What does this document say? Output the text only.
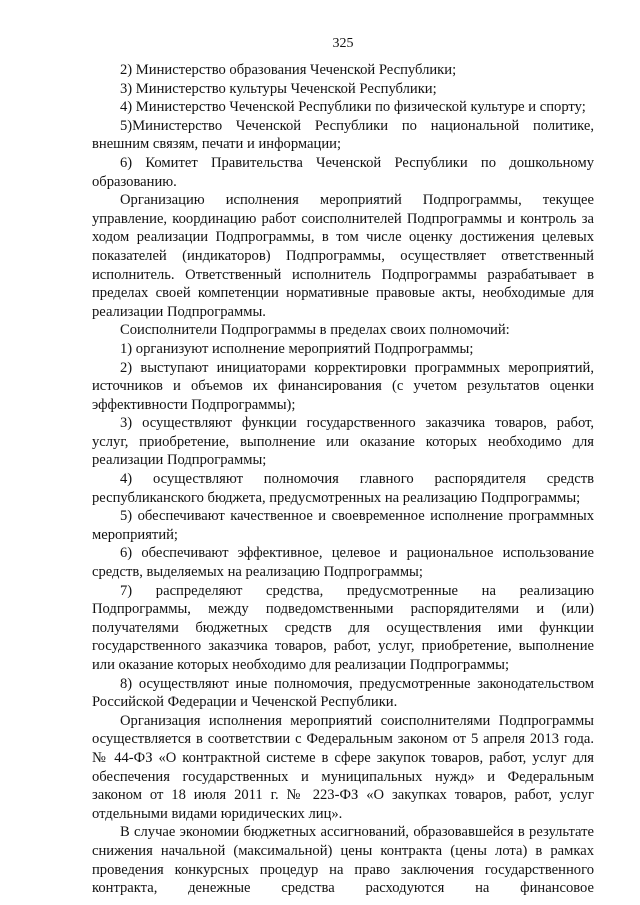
325

2) Министерство образования Чеченской Республики;

3) Министерство культуры Чеченской Республики;

4) Министерство Чеченской Республики по физической культуре и спорту;

5)Министерство Чеченской Республики по национальной политике, внешним связям, печати и информации;

6) Комитет Правительства Чеченской Республики по дошкольному образованию.

Организацию исполнения мероприятий Подпрограммы, текущее управление, координацию работ соисполнителей Подпрограммы и контроль за ходом реализации Подпрограммы, в том числе оценку достижения целевых показателей (индикаторов) Подпрограммы, осуществляет ответственный исполнитель. Ответственный исполнитель Подпрограммы разрабатывает в пределах своей компетенции нормативные правовые акты, необходимые для реализации Подпрограммы.

Соисполнители Подпрограммы в пределах своих полномочий:

1) организуют исполнение мероприятий Подпрограммы;

2) выступают инициаторами корректировки программных мероприятий, источников и объемов их финансирования (с учетом результатов оценки эффективности Подпрограммы);

3) осуществляют функции государственного заказчика товаров, работ, услуг, приобретение, выполнение или оказание которых необходимо для реализации Подпрограммы;

4) осуществляют полномочия главного распорядителя средств республиканского бюджета, предусмотренных на реализацию Подпрограммы;

5) обеспечивают качественное и своевременное исполнение программных мероприятий;

6) обеспечивают эффективное, целевое и рациональное использование средств, выделяемых на реализацию Подпрограммы;

7) распределяют средства, предусмотренные на реализацию Подпрограммы, между подведомственными распорядителями и (или) получателями бюджетных средств для осуществления ими функции государственного заказчика товаров, работ, услуг, приобретение, выполнение или оказание которых необходимо для реализации Подпрограммы;

8) осуществляют иные полномочия, предусмотренные законодательством Российской Федерации и Чеченской Республики.

Организация исполнения мероприятий соисполнителями Подпрограммы осуществляется в соответствии с Федеральным законом от 5 апреля 2013 года. № 44-ФЗ «О контрактной системе в сфере закупок товаров, работ, услуг для обеспечения государственных и муниципальных нужд» и Федеральным законом от 18 июля 2011 г. № 223-ФЗ «О закупках товаров, работ, услуг отдельными видами юридических лиц».

В случае экономии бюджетных ассигнований, образовавшейся в результате снижения начальной (максимальной) цены контракта (цены лота) в рамках проведения конкурсных процедур на право заключения государственного контракта, денежные средства расходуются на финансовое
